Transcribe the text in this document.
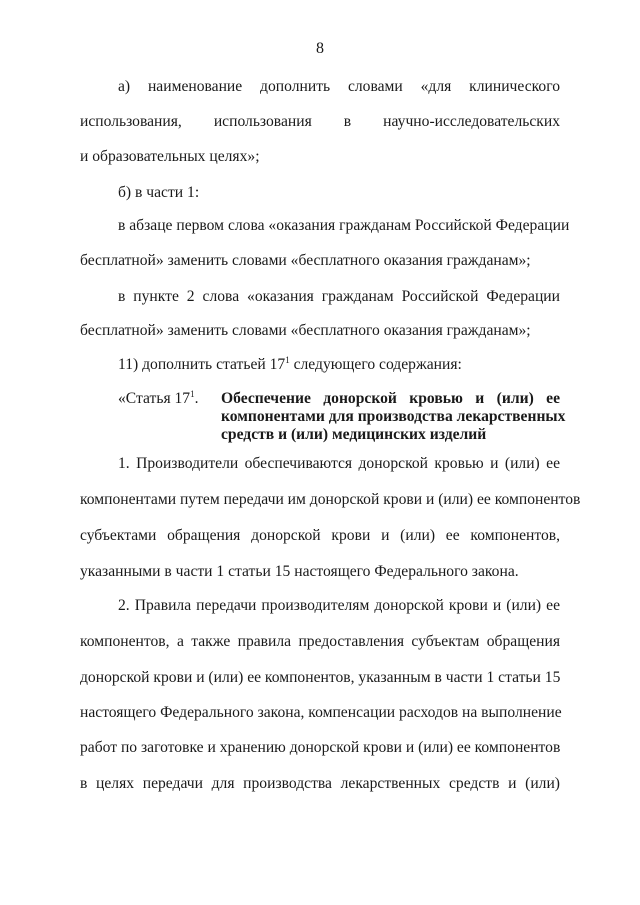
8
а) наименование дополнить словами «для клинического
использования, использования в научно-исследовательских
и образовательных целях»;
б) в части 1:
в абзаце первом слова «оказания гражданам Российской Федерации
бесплатной» заменить словами «бесплатного оказания гражданам»;
в пункте 2 слова «оказания гражданам Российской Федерации
бесплатной» заменить словами «бесплатного оказания гражданам»;
1. Производители обеспечиваются донорской кровью и (или) ее
компонентами путем передачи им донорской крови и (или) ее компонентов
субъектами обращения донорской крови и (или) ее компонентов,
указанными в части 1 статьи 15 настоящего Федерального закона.
2. Правила передачи производителям донорской крови и (или) ее
компонентов, а также правила предоставления субъектам обращения
донорской крови и (или) ее компонентов, указанным в части 1 статьи 15
настоящего Федерального закона, компенсации расходов на выполнение
работ по заготовке и хранению донорской крови и (или) ее компонентов
в целях передачи для производства лекарственных средств и (или)
11) дополнить статьей $17^1$ следующего содержания:
«Статья $17^1$. Обеспечение донорской кровью и (или) ее
компонентами для производства лекарственных
средств и (или) медицинских изделий
